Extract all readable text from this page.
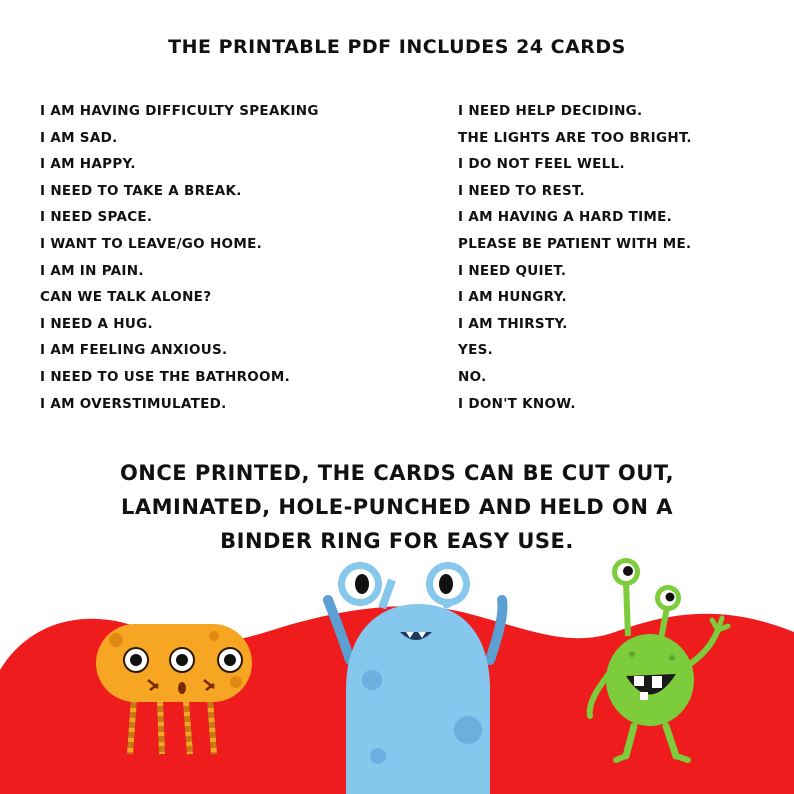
THE PRINTABLE PDF INCLUDES 24 CARDS
I AM HAVING DIFFICULTY SPEAKING
I AM SAD.
I AM HAPPY.
I NEED TO TAKE A BREAK.
I NEED SPACE.
I WANT TO LEAVE/GO HOME.
I AM IN PAIN.
CAN WE TALK ALONE?
I NEED A HUG.
I AM FEELING ANXIOUS.
I NEED TO USE THE BATHROOM.
I AM OVERSTIMULATED.
I NEED HELP DECIDING.
THE LIGHTS ARE TOO BRIGHT.
I DO NOT FEEL WELL.
I NEED TO REST.
I AM HAVING A HARD TIME.
PLEASE BE PATIENT WITH ME.
I NEED QUIET.
I AM HUNGRY.
I AM THIRSTY.
YES.
NO.
I DON'T KNOW.
ONCE PRINTED, THE CARDS CAN BE CUT OUT,
LAMINATED, HOLE-PUNCHED AND HELD ON A
BINDER RING FOR EASY USE.
